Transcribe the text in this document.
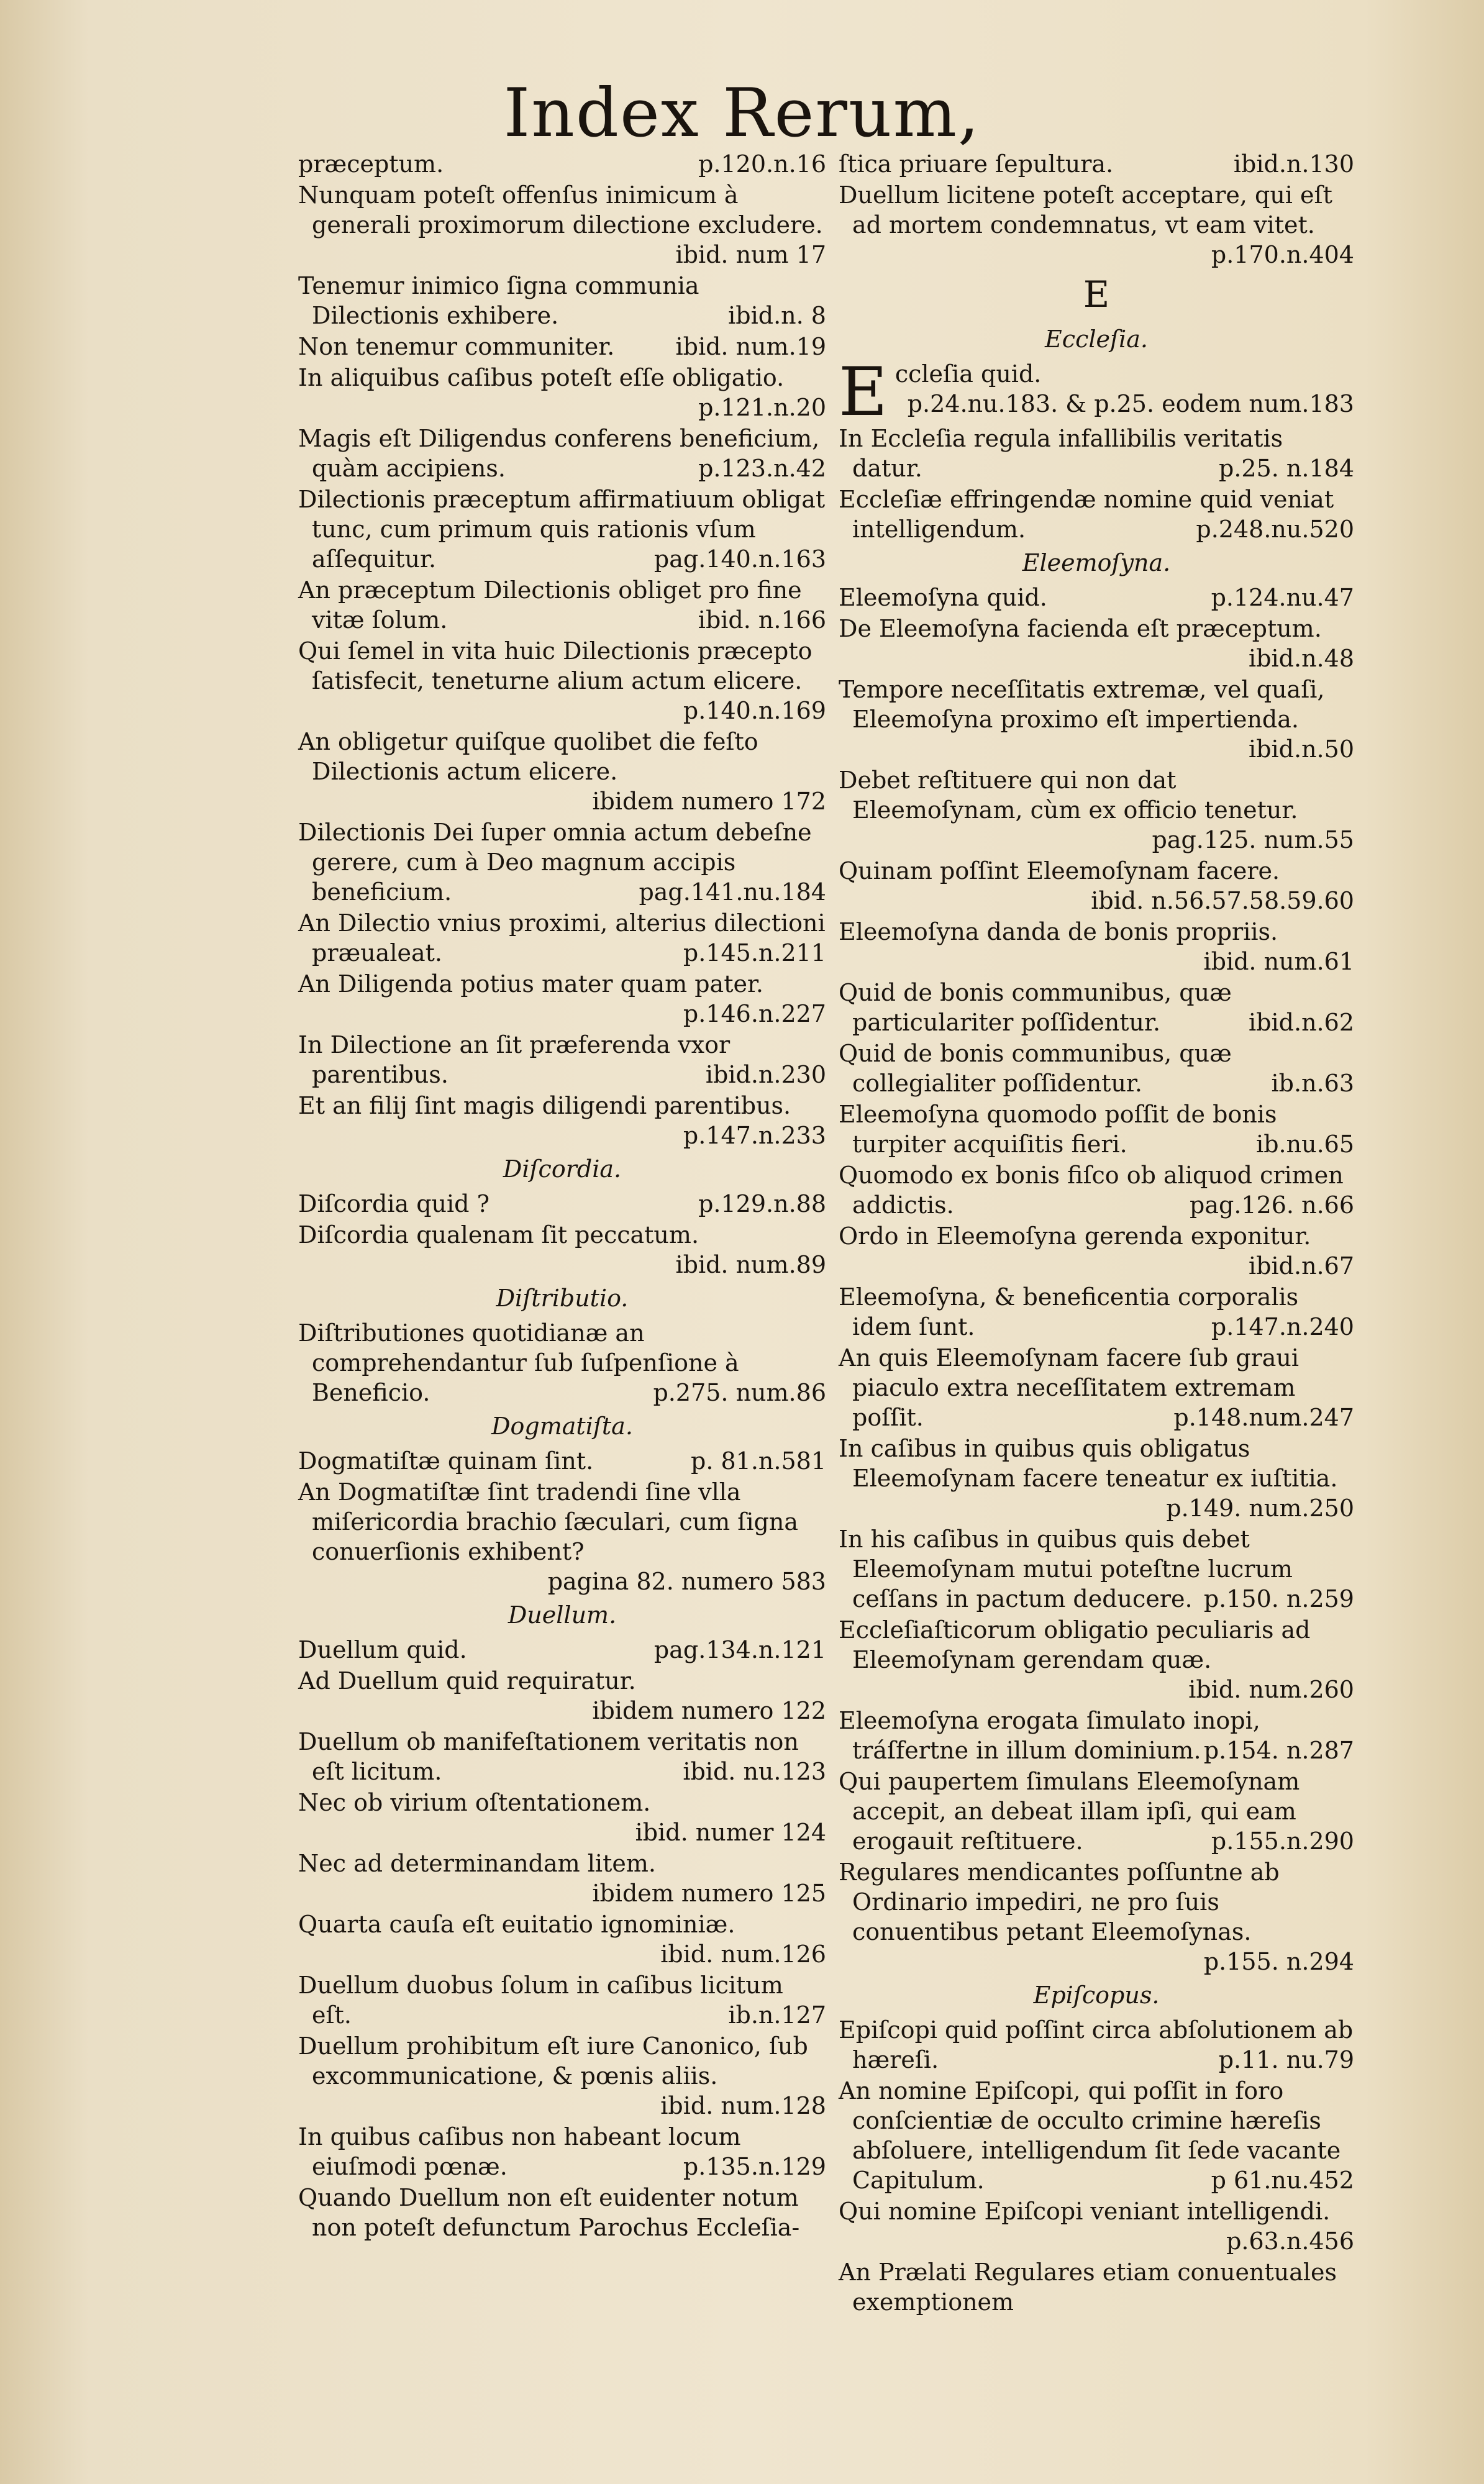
Index Rerum,
præceptum.	p.120.n.16
Nunquam poteſt offenſus inimicum à generali proximorum dilectione excludere.
ibid. num 17
Tenemur inimico ſigna communia Dilectionis exhibere.	ibid.n. 8
Non tenemur communiter.	ibid. num.19
In aliquibus caſibus poteſt eſſe obligatio.
p.121.n.20
Magis eſt Diligendus conferens beneficium, quàm accipiens.	p.123.n.42
Dilectionis præceptum affirmatiuum obligat tunc, cum primum quis rationis vſum aſſequitur.	pag.140.n.163
An præceptum Dilectionis obliget pro fine vitæ ſolum.	ibid. n.166
Qui ſemel in vita huic Dilectionis præcepto ſatisfecit, teneturne alium actum elicere.
p.140.n.169
An obligetur quiſque quolibet die feſto Dilectionis actum elicere.
ibidem numero 172
Dilectionis Dei ſuper omnia actum debeſne gerere, cum à Deo magnum accipis beneficium.	pag.141.nu.184
An Dilectio vnius proximi, alterius dilectioni præualeat.	p.145.n.211
An Diligenda potius mater quam pater.
p.146.n.227
In Dilectione an ſit præferenda vxor parentibus.	ibid.n.230
Et an filij ſint magis diligendi parentibus.
p.147.n.233
Diſcordia.
Diſcordia quid ?	p.129.n.88
Diſcordia qualenam ſit peccatum.
ibid. num.89
Diſtributio.
Diſtributiones quotidianæ an comprehendantur ſub ſuſpenſione à Beneficio.	p.275. num.86
Dogmatiſta.
Dogmatiſtæ quinam ſint.	p. 81.n.581
An Dogmatiſtæ ſint tradendi ſine vlla miſericordia brachio ſæculari, cum ſigna conuerſionis exhibent?
pagina 82. numero 583
Duellum.
Duellum quid.	pag.134.n.121
Ad Duellum quid requiratur.
ibidem numero 122
Duellum ob manifeſtationem veritatis non eſt licitum.	ibid. nu.123
Nec ob virium oſtentationem.
ibid. numer 124
Nec ad determinandam litem.
ibidem numero 125
Quarta cauſa eſt euitatio ignominiæ.
ibid. num.126
Duellum duobus ſolum in caſibus licitum eſt.	ib.n.127
Duellum prohibitum eſt iure Canonico, ſub excommunicatione, & pœnis aliis.
ibid. num.128
In quibus caſibus non habeant locum eiuſmodi pœnæ.	p.135.n.129
Quando Duellum non eſt euidenter notum non poteſt defunctum Parochus Eccleſia-
ſtica priuare ſepultura.	ibid.n.130
Duellum licitene poteſt acceptare, qui eſt ad mortem condemnatus, vt eam vitet.
p.170.n.404
E
Eccleſia.
E ccleſia quid.
p.24.nu.183. & p.25. eodem num.183
In Eccleſia regula infallibilis veritatis datur.	p.25. n.184
Eccleſiæ effringendæ nomine quid veniat intelligendum.	p.248.nu.520
Eleemoſyna.
Eleemoſyna quid.	p.124.nu.47
De Eleemoſyna facienda eſt præceptum.
ibid.n.48
Tempore neceſſitatis extremæ, vel quaſi, Eleemoſyna proximo eſt impertienda.
ibid.n.50
Debet reſtituere qui non dat Eleemoſynam, cùm ex officio tenetur.
pag.125. num.55
Quinam poſſint Eleemoſynam facere.
ibid. n.56.57.58.59.60
Eleemoſyna danda de bonis propriis.
ibid. num.61
Quid de bonis communibus, quæ particulariter poſſidentur.	ibid.n.62
Quid de bonis communibus, quæ collegialiter poſſidentur.	ib.n.63
Eleemoſyna quomodo poſſit de bonis turpiter acquiſitis fieri.	ib.nu.65
Quomodo ex bonis fiſco ob aliquod crimen addictis.	pag.126. n.66
Ordo in Eleemoſyna gerenda exponitur.
ibid.n.67
Eleemoſyna, & beneficentia corporalis idem ſunt.	p.147.n.240
An quis Eleemoſynam facere ſub graui piaculo extra neceſſitatem extremam poſſit.	p.148.num.247
In caſibus in quibus quis obligatus Eleemoſynam facere teneatur ex iuſtitia.
p.149. num.250
In his caſibus in quibus quis debet Eleemoſynam mutui poteſtne lucrum ceſſans in pactum deducere. p.150. n.259
Eccleſiaſticorum obligatio peculiaris ad Eleemoſynam gerendam quæ.
ibid. num.260
Eleemoſyna erogata ſimulato inopi, tráſfertne in illum dominium. p.154. n.287
Qui paupertem ſimulans Eleemoſynam accepit, an debeat illam ipſi, qui eam erogauit reſtituere.	p.155.n.290
Regulares mendicantes poſſuntne ab Ordinario impediri, ne pro ſuis conuentibus petant Eleemoſynas.
p.155. n.294
Epiſcopus.
Epiſcopi quid poſſint circa abſolutionem ab hæreſi.	p.11. nu.79
An nomine Epiſcopi, qui poſſit in foro conſcientiæ de occulto crimine hæreſis abſoluere, intelligendum ſit ſede vacante Capitulum.	p 61.nu.452
Qui nomine Epiſcopi veniant intelligendi.
p.63.n.456
An Prælati Regulares etiam conuentuales exemptionem
